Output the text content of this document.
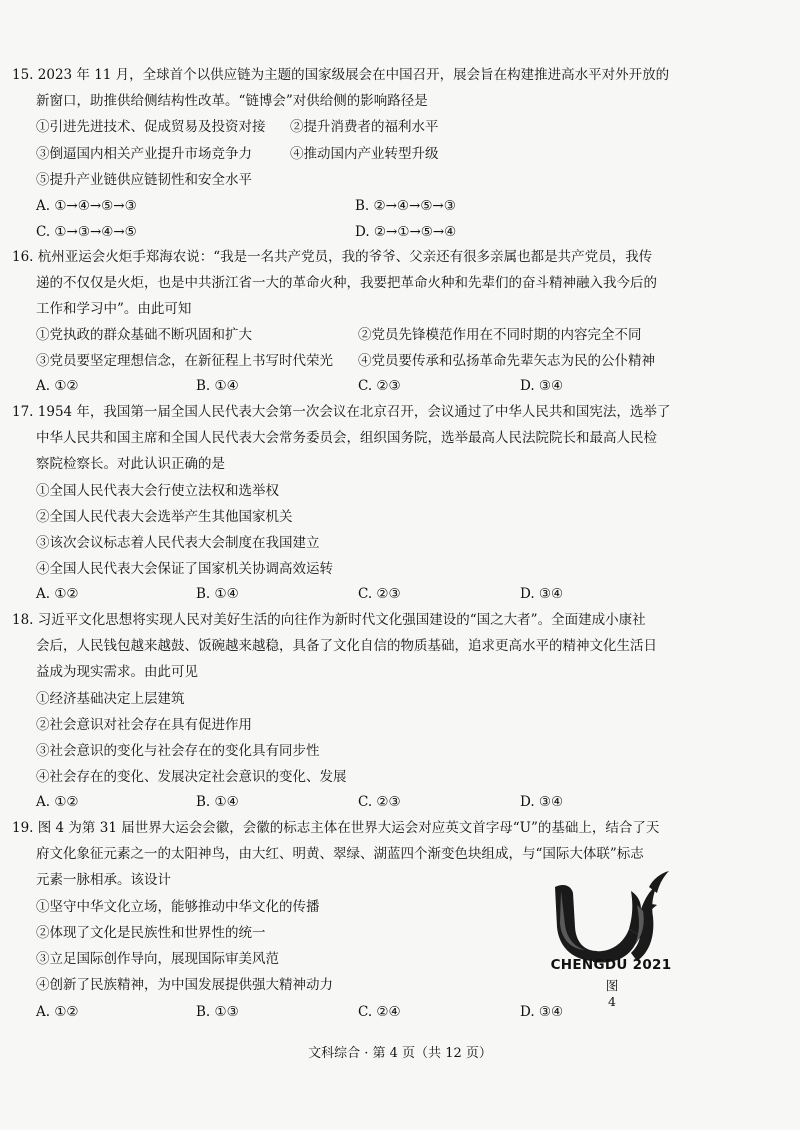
15. 2023 年 11 月，全球首个以供应链为主题的国家级展会在中国召开，展会旨在构建推进高水平对外开放的
新窗口，助推供给侧结构性改革。“链博会”对供给侧的影响路径是
①引进先进技术、促成贸易及投资对接 ②提升消费者的福利水平
③倒逼国内相关产业提升市场竞争力	④推动国内产业转型升级
⑤提升产业链供应链韧性和安全水平
A. ①→④→⑤→③	B. ②→④→⑤→③
C. ①→③→④→⑤	D. ②→①→⑤→④
16. 杭州亚运会火炬手郑海农说：“我是一名共产党员，我的爷爷、父亲还有很多亲属也都是共产党员，我传
递的不仅仅是火炬，也是中共浙江省一大的革命火种，我要把革命火种和先辈们的奋斗精神融入我今后的
工作和学习中”。由此可知
①党执政的群众基础不断巩固和扩大	②党员先锋模范作用在不同时期的内容完全不同
③党员要坚定理想信念，在新征程上书写时代荣光 ④党员要传承和弘扬革命先辈矢志为民的公仆精神
A. ①②	B. ①④	C. ②③	D. ③④
17. 1954 年，我国第一届全国人民代表大会第一次会议在北京召开，会议通过了中华人民共和国宪法，选举了
中华人民共和国主席和全国人民代表大会常务委员会，组织国务院，选举最高人民法院院长和最高人民检
察院检察长。对此认识正确的是
①全国人民代表大会行使立法权和选举权
②全国人民代表大会选举产生其他国家机关
③该次会议标志着人民代表大会制度在我国建立
④全国人民代表大会保证了国家机关协调高效运转
A. ①②	B. ①④	C. ②③	D. ③④
18. 习近平文化思想将实现人民对美好生活的向往作为新时代文化强国建设的“国之大者”。全面建成小康社
会后，人民钱包越来越鼓、饭碗越来越稳，具备了文化自信的物质基础，追求更高水平的精神文化生活日
益成为现实需求。由此可见
①经济基础决定上层建筑
②社会意识对社会存在具有促进作用
③社会意识的变化与社会存在的变化具有同步性
④社会存在的变化、发展决定社会意识的变化、发展
A. ①②	B. ①④	C. ②③	D. ③④
19. 图 4 为第 31 届世界大运会会徽，会徽的标志主体在世界大运会对应英文首字母“U”的基础上，结合了天
府文化象征元素之一的太阳神鸟，由大红、明黄、翠绿、湖蓝四个渐变色块组成，与“国际大体联”标志
元素一脉相承。该设计
①坚守中华文化立场，能够推动中华文化的传播
②体现了文化是民族性和世界性的统一
③立足国际创作导向，展现国际审美风范
④创新了民族精神，为中国发展提供强大精神动力
A. ①②	B. ①③	C. ②④	D. ③④
CHENGDU 2021
图 4
文科综合 · 第 4 页（共 12 页）
